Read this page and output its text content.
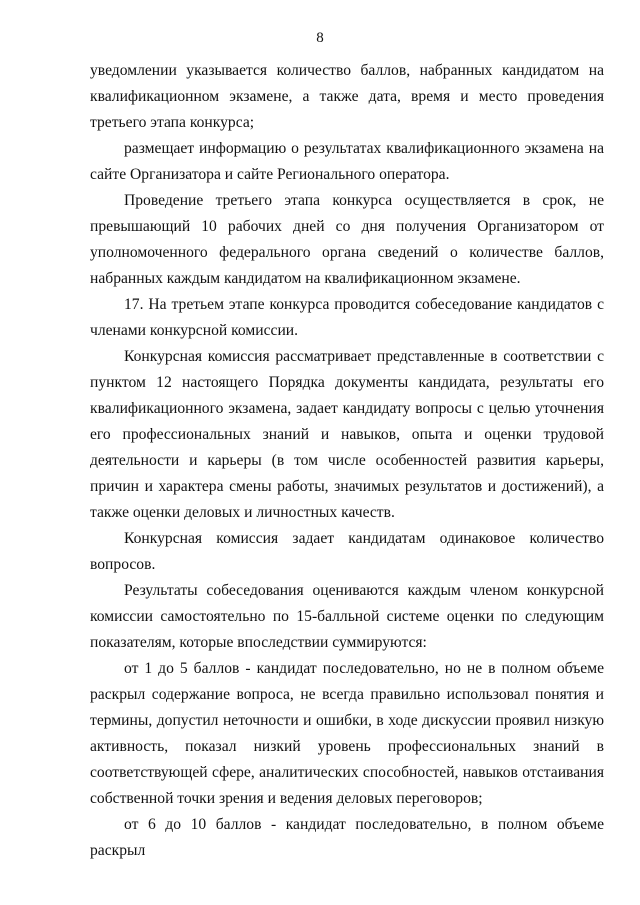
8

уведомлении указывается количество баллов, набранных кандидатом на квалификационном экзамене, а также дата, время и место проведения третьего этапа конкурса;

размещает информацию о результатах квалификационного экзамена на сайте Организатора и сайте Регионального оператора.

Проведение третьего этапа конкурса осуществляется в срок, не превышающий 10 рабочих дней со дня получения Организатором от уполномоченного федерального органа сведений о количестве баллов, набранных каждым кандидатом на квалификационном экзамене.

17. На третьем этапе конкурса проводится собеседование кандидатов с членами конкурсной комиссии.

Конкурсная комиссия рассматривает представленные в соответствии с пунктом 12 настоящего Порядка документы кандидата, результаты его квалификационного экзамена, задает кандидату вопросы с целью уточнения его профессиональных знаний и навыков, опыта и оценки трудовой деятельности и карьеры (в том числе особенностей развития карьеры, причин и характера смены работы, значимых результатов и достижений), а также оценки деловых и личностных качеств.

Конкурсная комиссия задает кандидатам одинаковое количество вопросов.

Результаты собеседования оцениваются каждым членом конкурсной комиссии самостоятельно по 15-балльной системе оценки по следующим показателям, которые впоследствии суммируются:

от 1 до 5 баллов - кандидат последовательно, но не в полном объеме раскрыл содержание вопроса, не всегда правильно использовал понятия и термины, допустил неточности и ошибки, в ходе дискуссии проявил низкую активность, показал низкий уровень профессиональных знаний в соответствующей сфере, аналитических способностей, навыков отстаивания собственной точки зрения и ведения деловых переговоров;

от 6 до 10 баллов - кандидат последовательно, в полном объеме раскрыл
